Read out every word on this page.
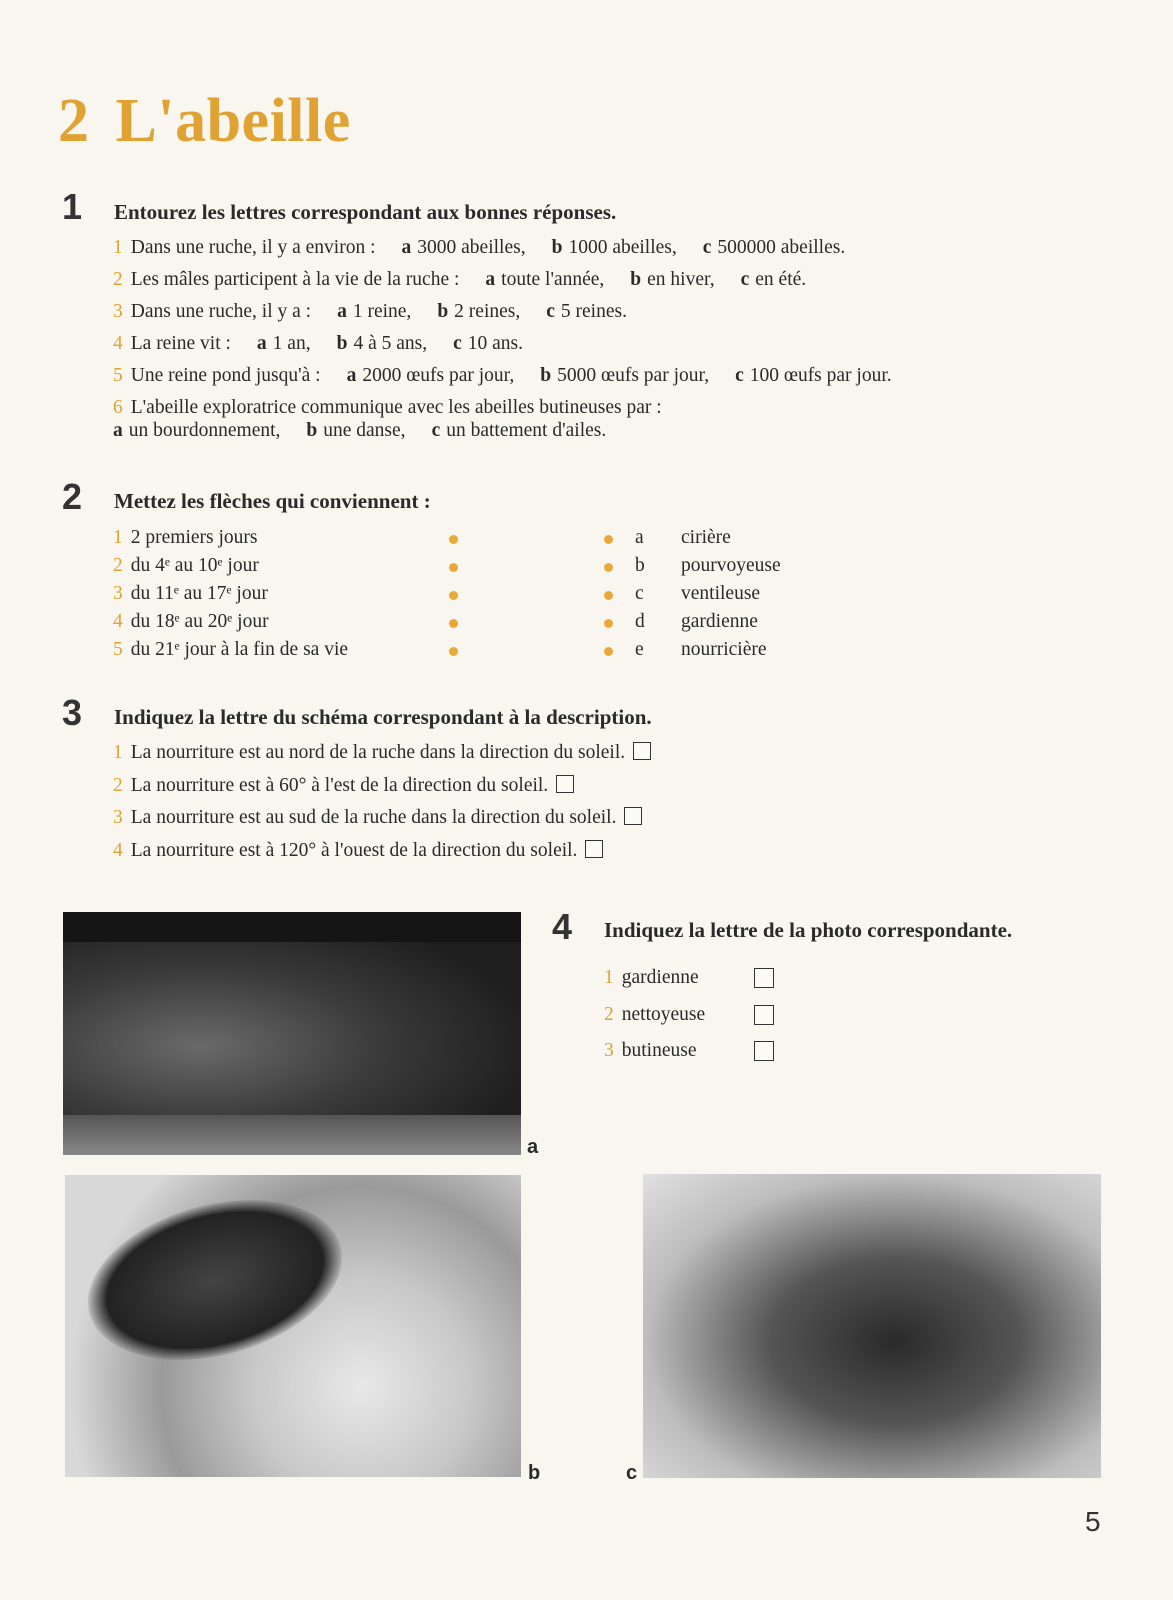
2 L'abeille
1 Entourez les lettres correspondant aux bonnes réponses.
1 Dans une ruche, il y a environ : a 3000 abeilles, b 1000 abeilles, c 500000 abeilles.
2 Les mâles participent à la vie de la ruche : a toute l'année, b en hiver, c en été.
3 Dans une ruche, il y a : a 1 reine, b 2 reines, c 5 reines.
4 La reine vit : a 1 an, b 4 à 5 ans, c 10 ans.
5 Une reine pond jusqu'à : a 2000 œufs par jour, b 5000 œufs par jour, c 100 œufs par jour.
6 L'abeille exploratrice communique avec les abeilles butineuses par :
a un bourdonnement, b une danse, c un battement d'ailes.
2 Mettez les flèches qui conviennent :
1 2 premiers jours
2 du 4ᵉ au 10ᵉ jour
3 du 11ᵉ au 17ᵉ jour
4 du 18ᵉ au 20ᵉ jour
5 du 21ᵉ jour à la fin de sa vie
a cirière
b pourvoyeuse
c ventileuse
d gardienne
e nourricière
3 Indiquez la lettre du schéma correspondant à la description.
1 La nourriture est au nord de la ruche dans la direction du soleil.
2 La nourriture est à 60° à l'est de la direction du soleil.
3 La nourriture est au sud de la ruche dans la direction du soleil.
4 La nourriture est à 120° à l'ouest de la direction du soleil.
4 Indiquez la lettre de la photo correspondante.
1 gardienne
2 nettoyeuse
3 butineuse
a
b	c
5
